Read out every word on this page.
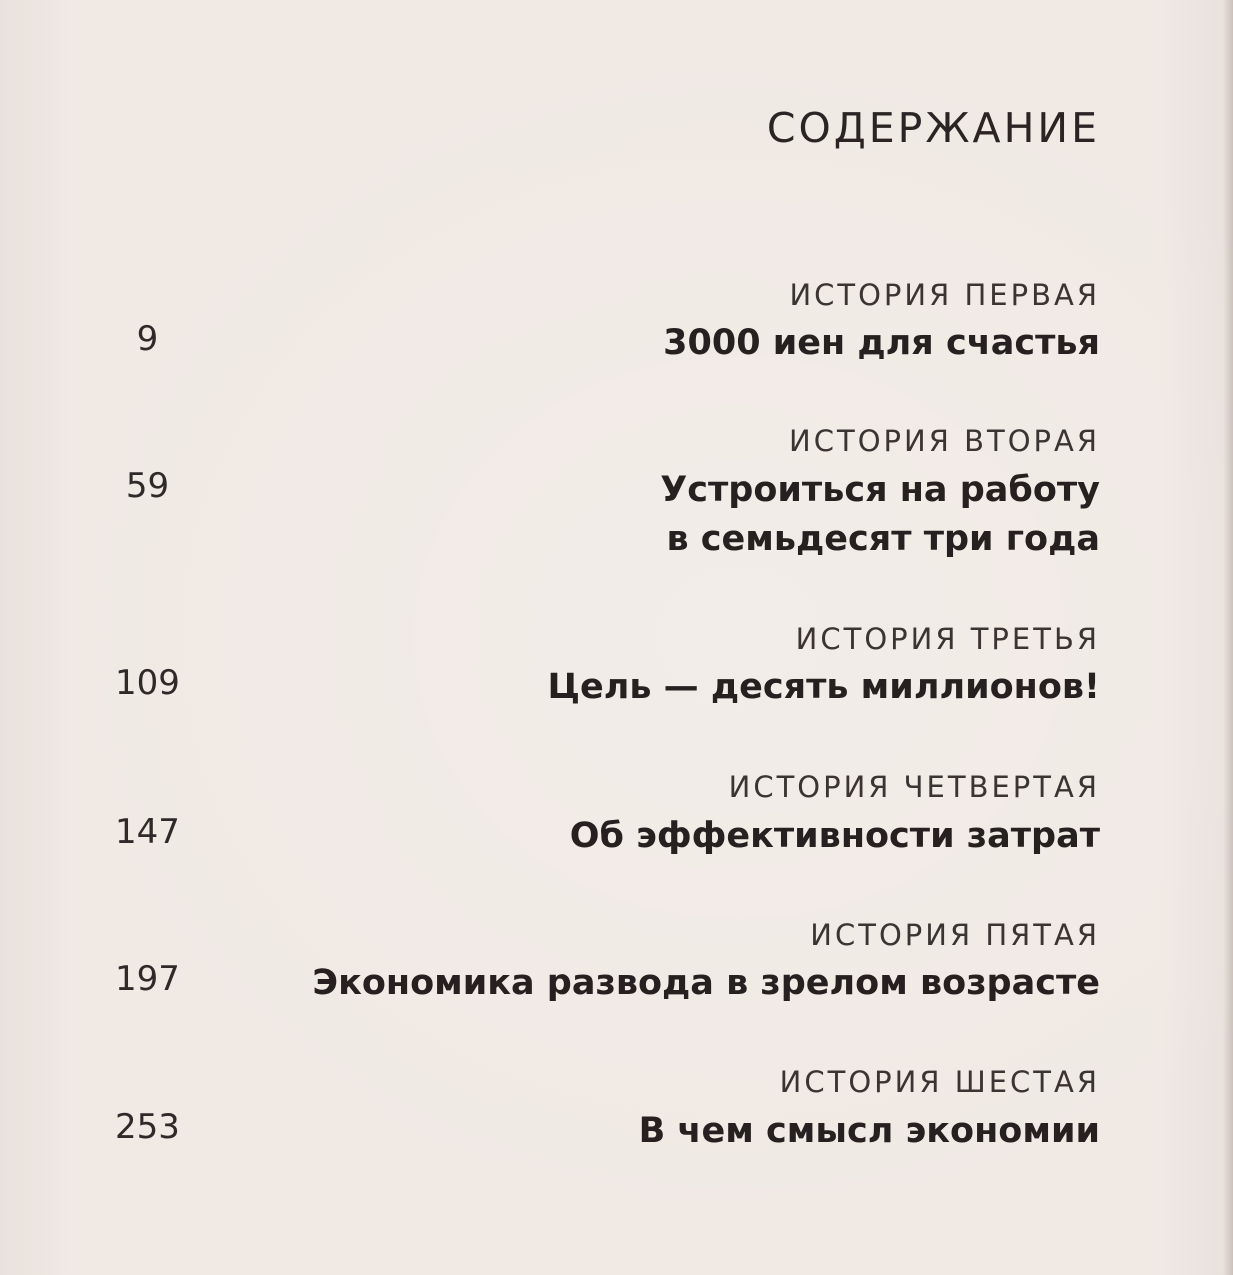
СОДЕРЖАНИЕ
ИСТОРИЯ ПЕРВАЯ
3000 иен для счастья
9
ИСТОРИЯ ВТОРАЯ
Устроиться на работу
в семьдесят три года
59
ИСТОРИЯ ТРЕТЬЯ
Цель — десять миллионов!
109
ИСТОРИЯ ЧЕТВЕРТАЯ
Об эффективности затрат
147
ИСТОРИЯ ПЯТАЯ
Экономика развода в зрелом возрасте
197
ИСТОРИЯ ШЕСТАЯ
В чем смысл экономии
253
